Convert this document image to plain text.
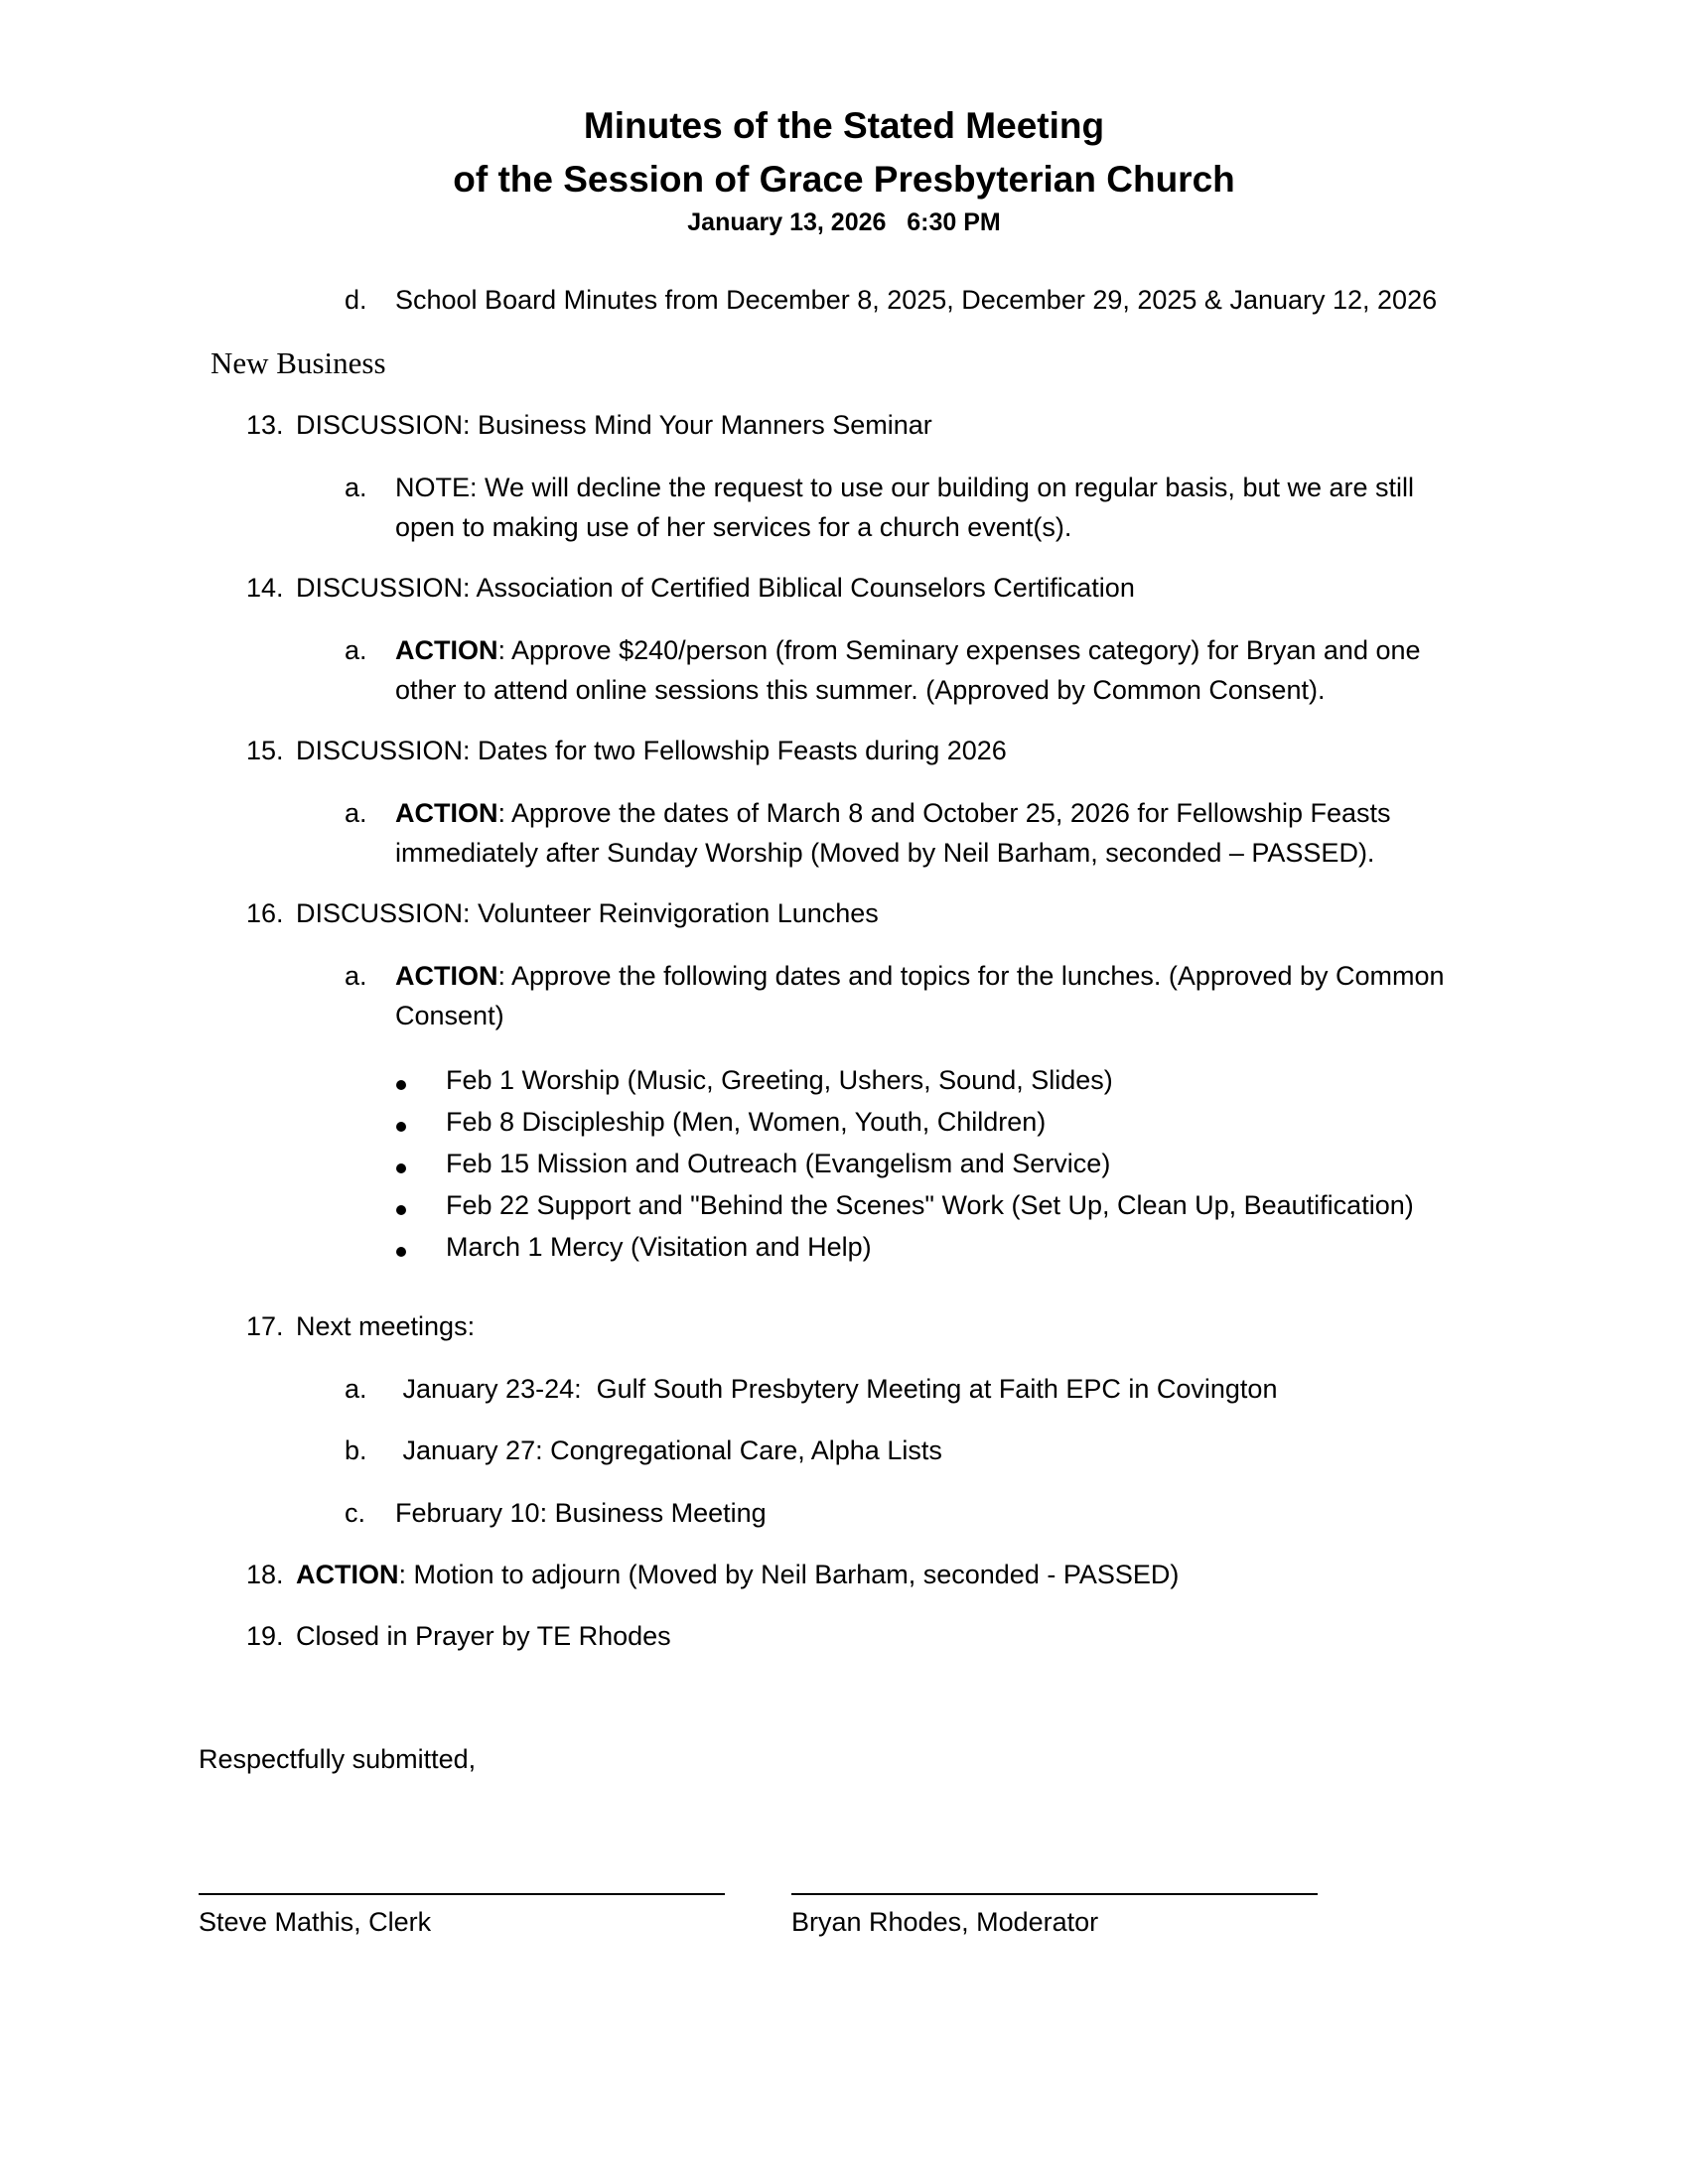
Minutes of the Stated Meeting
of the Session of Grace Presbyterian Church
January 13, 2026   6:30 PM
d. School Board Minutes from December 8, 2025, December 29, 2025 & January 12, 2026
New Business
13. DISCUSSION: Business Mind Your Manners Seminar
a. NOTE: We will decline the request to use our building on regular basis, but we are still open to making use of her services for a church event(s).
14. DISCUSSION: Association of Certified Biblical Counselors Certification
a. ACTION: Approve $240/person (from Seminary expenses category) for Bryan and one other to attend online sessions this summer. (Approved by Common Consent).
15. DISCUSSION: Dates for two Fellowship Feasts during 2026
a. ACTION: Approve the dates of March 8 and October 25, 2026 for Fellowship Feasts immediately after Sunday Worship (Moved by Neil Barham, seconded – PASSED).
16. DISCUSSION: Volunteer Reinvigoration Lunches
a. ACTION: Approve the following dates and topics for the lunches. (Approved by Common Consent)
Feb 1 Worship (Music, Greeting, Ushers, Sound, Slides)
Feb 8 Discipleship (Men, Women, Youth, Children)
Feb 15 Mission and Outreach (Evangelism and Service)
Feb 22 Support and "Behind the Scenes" Work (Set Up, Clean Up, Beautification)
March 1 Mercy (Visitation and Help)
17. Next meetings:
a. January 23-24:  Gulf South Presbytery Meeting at Faith EPC in Covington
b. January 27: Congregational Care, Alpha Lists
c. February 10: Business Meeting
18. ACTION: Motion to adjourn (Moved by Neil Barham, seconded - PASSED)
19. Closed in Prayer by TE Rhodes
Respectfully submitted,
Steve Mathis, Clerk	Bryan Rhodes, Moderator
